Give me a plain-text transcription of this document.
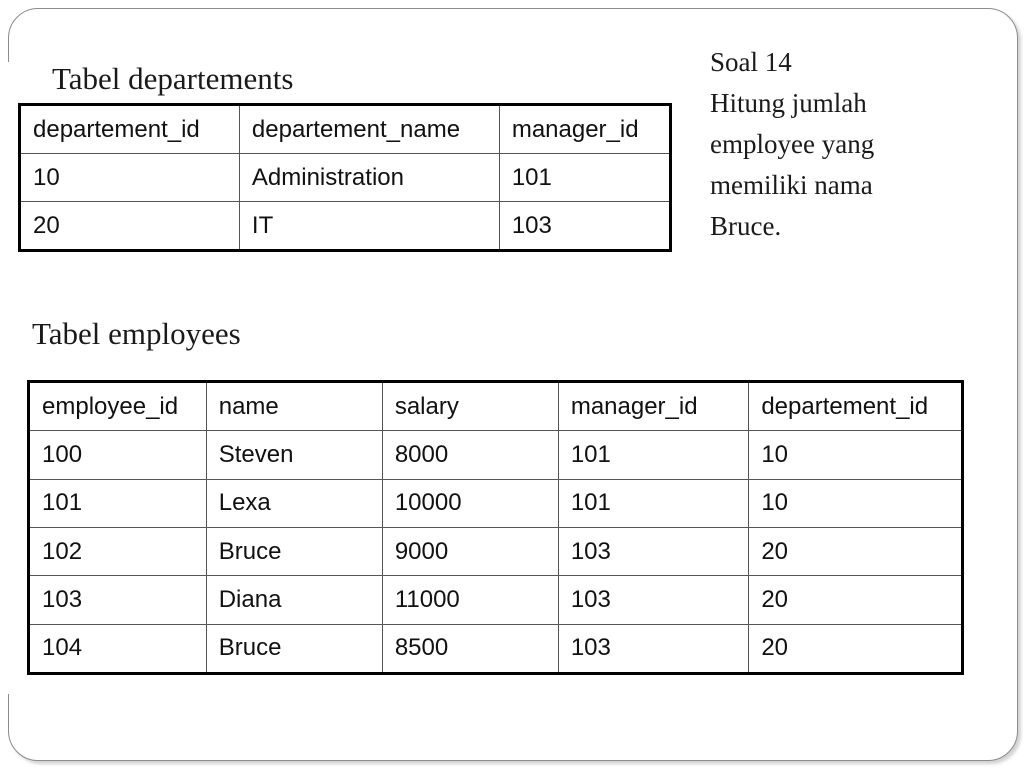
Tabel departements
departement_id	departement_name	manager_id
10	Administration	101
20	IT	103
Soal 14
Hitung jumlah
employee yang
memiliki nama
Bruce.
Tabel employees
employee_id	name	salary	manager_id	departement_id
100	Steven	8000	101	10
101	Lexa	10000	101	10
102	Bruce	9000	103	20
103	Diana	11000	103	20
104	Bruce	8500	103	20
